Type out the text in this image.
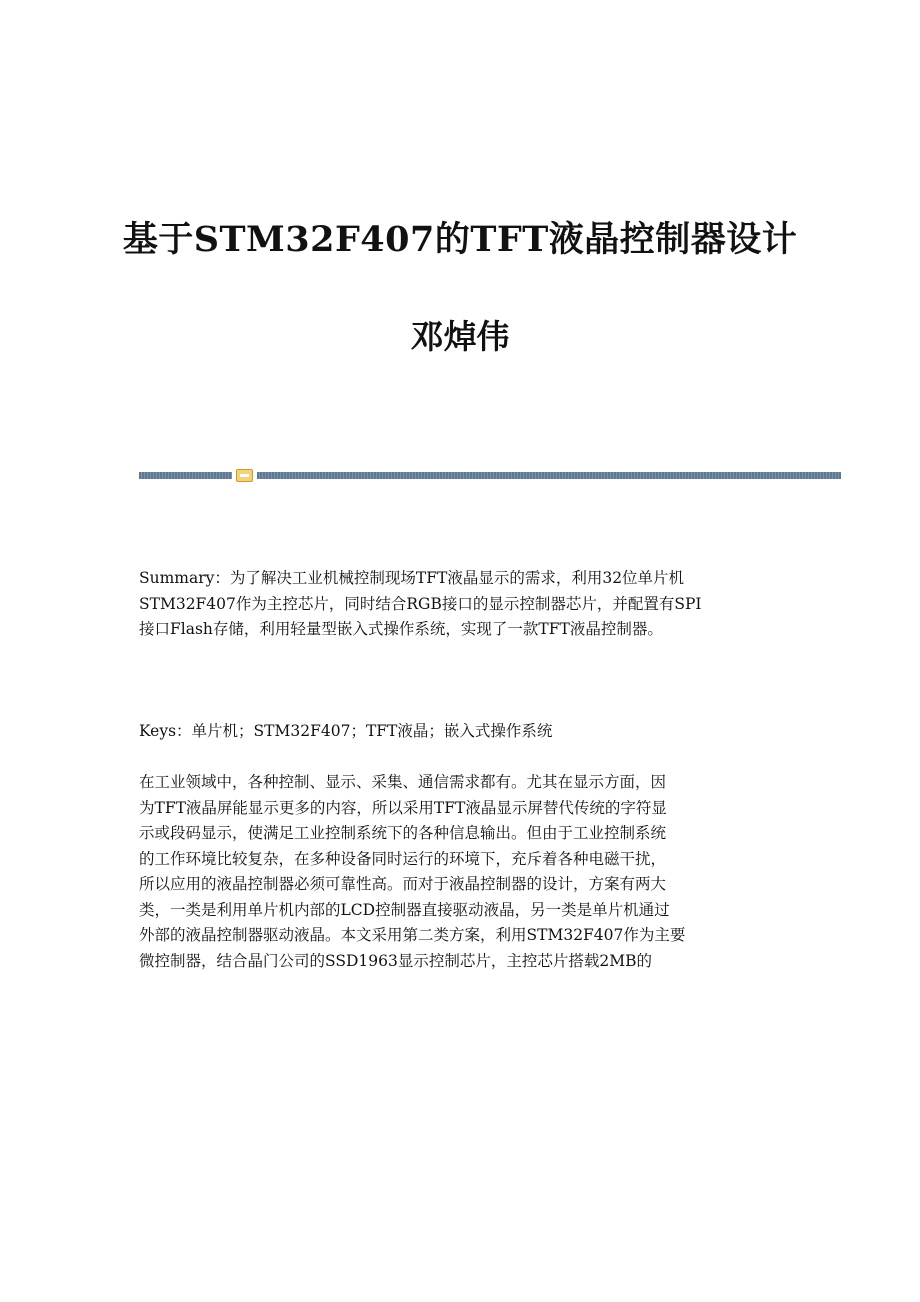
基于STM32F407的TFT液晶控制器设计
邓焯伟
Summary：为了解决工业机械控制现场TFT液晶显示的需求，利用32位单片机
STM32F407作为主控芯片，同时结合RGB接口的显示控制器芯片，并配置有SPI
接口Flash存储，利用轻量型嵌入式操作系统，实现了一款TFT液晶控制器。
Keys：单片机；STM32F407；TFT液晶；嵌入式操作系统
在工业领域中，各种控制、显示、采集、通信需求都有。尤其在显示方面，因
为TFT液晶屏能显示更多的内容，所以采用TFT液晶显示屏替代传统的字符显
示或段码显示，使满足工业控制系统下的各种信息输出。但由于工业控制系统
的工作环境比较复杂，在多种设备同时运行的环境下，充斥着各种电磁干扰，
所以应用的液晶控制器必须可靠性高。而对于液晶控制器的设计，方案有两大
类，一类是利用单片机内部的LCD控制器直接驱动液晶，另一类是单片机通过
外部的液晶控制器驱动液晶。本文采用第二类方案，利用STM32F407作为主要
微控制器，结合晶门公司的SSD1963显示控制芯片，主控芯片搭载2MB的
